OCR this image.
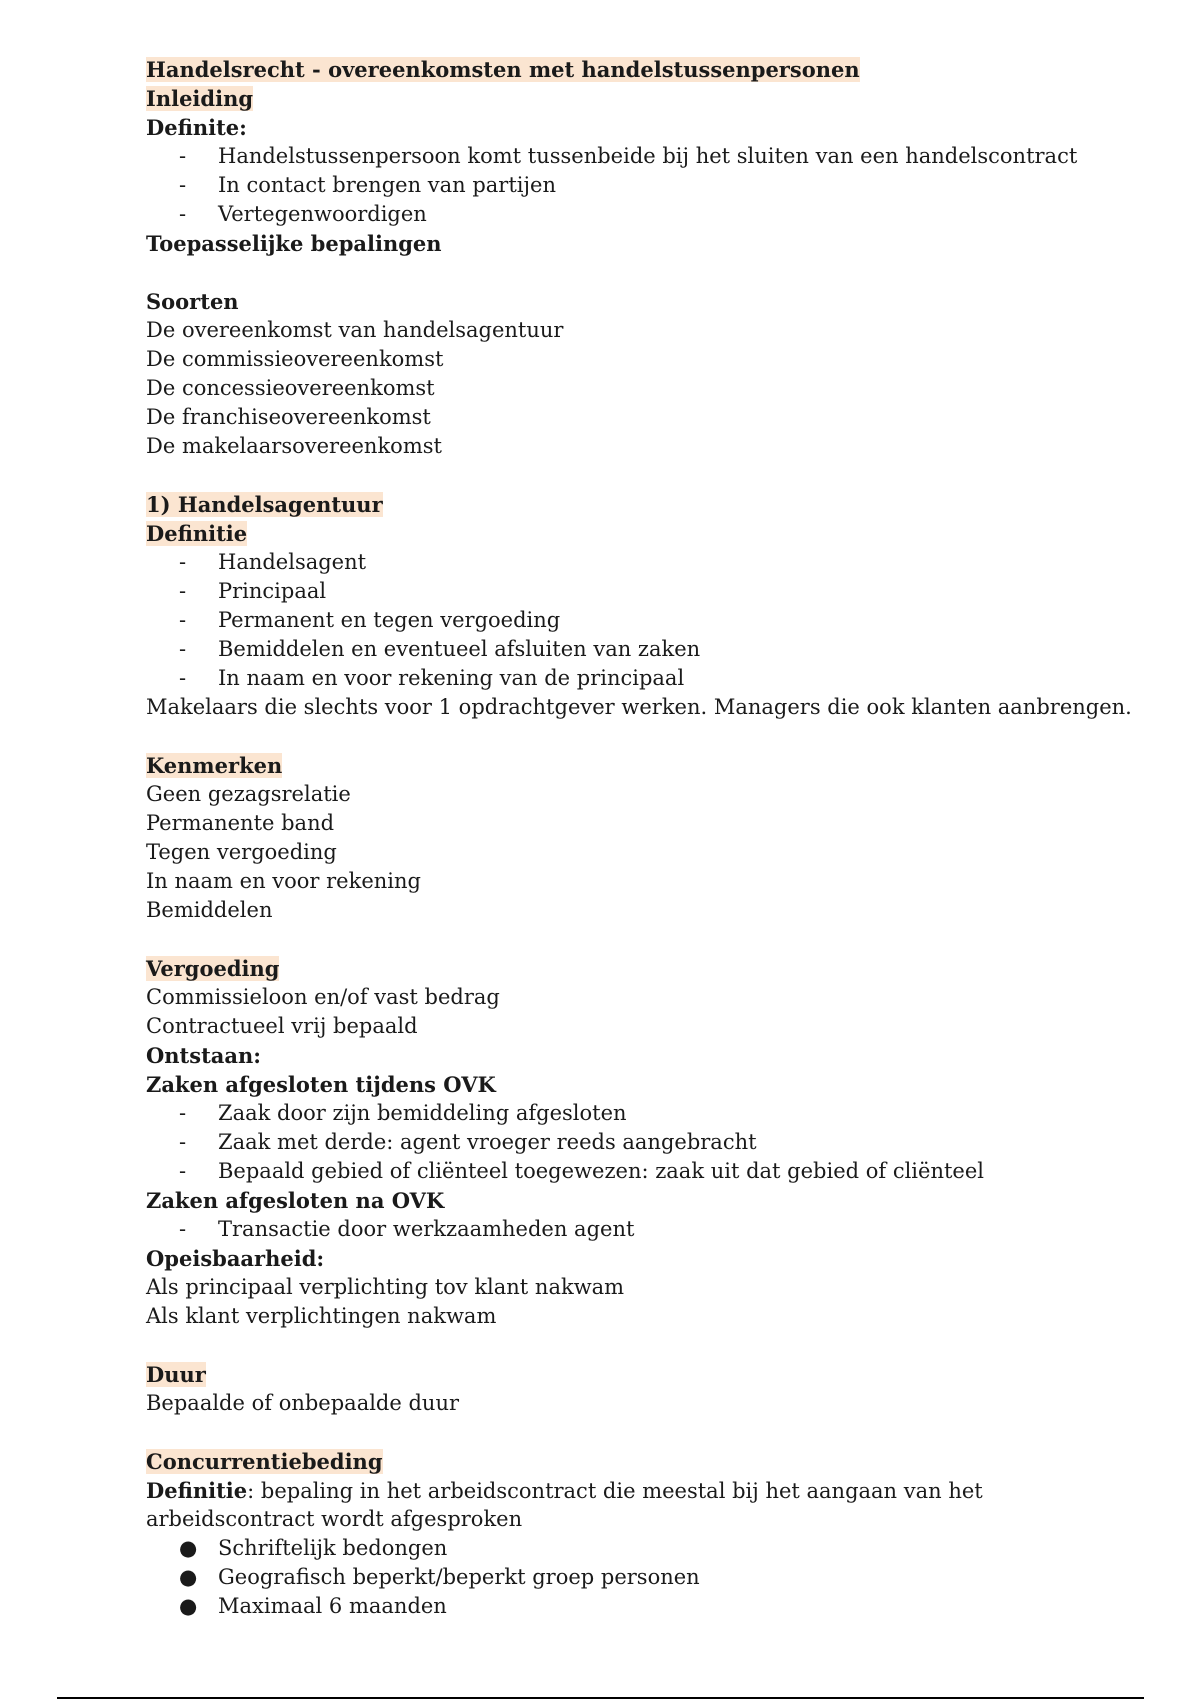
Handelsrecht - overeenkomsten met handelstussenpersonen
Inleiding
Definite:
- Handelstussenpersoon komt tussenbeide bij het sluiten van een handelscontract
- In contact brengen van partijen
- Vertegenwoordigen
Toepasselijke bepalingen
Soorten
De overeenkomst van handelsagentuur
De commissieovereenkomst
De concessieovereenkomst
De franchiseovereenkomst
De makelaarsovereenkomst
1) Handelsagentuur
Definitie
- Handelsagent
- Principaal
- Permanent en tegen vergoeding
- Bemiddelen en eventueel afsluiten van zaken
- In naam en voor rekening van de principaal
Makelaars die slechts voor 1 opdrachtgever werken. Managers die ook klanten aanbrengen.
Kenmerken
Geen gezagsrelatie
Permanente band
Tegen vergoeding
In naam en voor rekening
Bemiddelen
Vergoeding
Commissieloon en/of vast bedrag
Contractueel vrij bepaald
Ontstaan:
Zaken afgesloten tijdens OVK
- Zaak door zijn bemiddeling afgesloten
- Zaak met derde: agent vroeger reeds aangebracht
- Bepaald gebied of cliënteel toegewezen: zaak uit dat gebied of cliënteel
Zaken afgesloten na OVK
- Transactie door werkzaamheden agent
Opeisbaarheid:
Als principaal verplichting tov klant nakwam
Als klant verplichtingen nakwam
Duur
Bepaalde of onbepaalde duur
Concurrentiebeding
Definitie: bepaling in het arbeidscontract die meestal bij het aangaan van het
arbeidscontract wordt afgesproken
● Schriftelijk bedongen
● Geografisch beperkt/beperkt groep personen
● Maximaal 6 maanden
